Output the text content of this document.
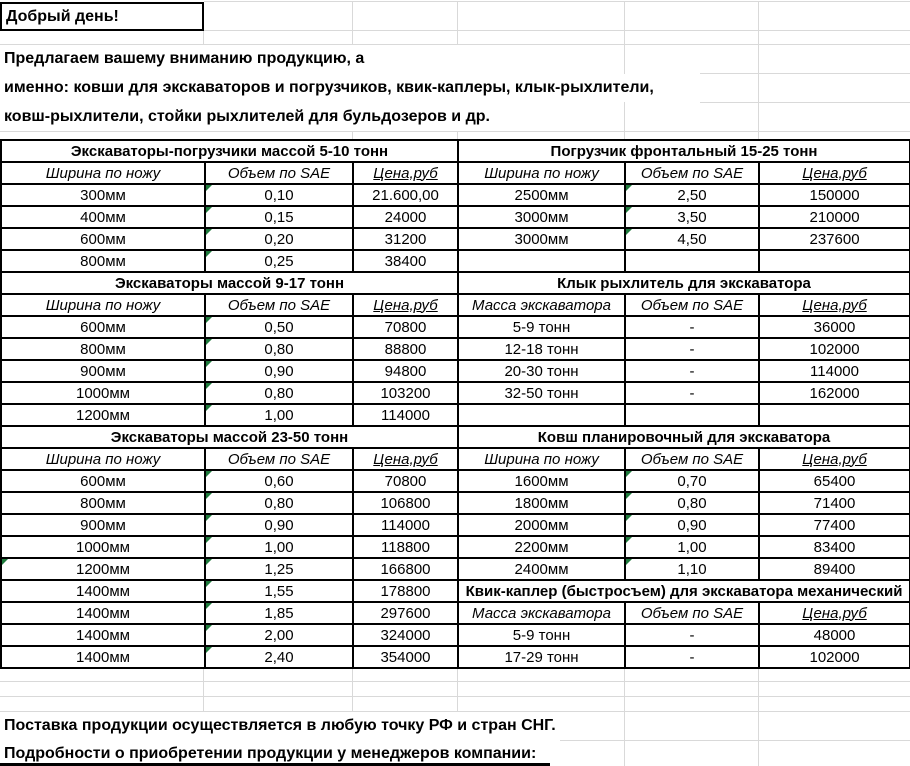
Добрый день!
Предлагаем вашему вниманию продукцию, а
именно: ковши для экскаваторов и погрузчиков, квик-каплеры, клык-рыхлители,
ковш-рыхлители, стойки рыхлителей для бульдозеров и др.
Экскаваторы-погрузчики массой 5-10 тонн			Погрузчик фронтальный 15-25 тонн		
Ширина по ножу	Объем по SAE	Цена,руб	Ширина по ножу	Объем по SAE	Цена,руб
300мм	0,10	21.600,00	2500мм	2,50	150000
400мм	0,15	24000	3000мм	3,50	210000
600мм	0,20	31200	3000мм	4,50	237600
800мм	0,25	38400			
Экскаваторы массой 9-17 тонн			Клык рыхлитель для экскаватора		
Ширина по ножу	Объем по SAE	Цена,руб	Масса экскаватора	Объем по SAE	Цена,руб
600мм	0,50	70800	5-9 тонн	-	36000
800мм	0,80	88800	12-18 тонн	-	102000
900мм	0,90	94800	20-30 тонн	-	114000
1000мм	0,80	103200	32-50 тонн	-	162000
1200мм	1,00	114000			
Экскаваторы массой 23-50 тонн			Ковш планировочный для экскаватора		
Ширина по ножу	Объем по SAE	Цена,руб	Ширина по ножу	Объем по SAE	Цена,руб
600мм	0,60	70800	1600мм	0,70	65400
800мм	0,80	106800	1800мм	0,80	71400
900мм	0,90	114000	2000мм	0,90	77400
1000мм	1,00	118800	2200мм	1,00	83400
1200мм	1,25	166800	2400мм	1,10	89400
1400мм	1,55	178800	Квик-каплер (быстросъем) для экскаватора механический		
1400мм	1,85	297600	Масса экскаватора	Объем по SAE	Цена,руб
1400мм	2,00	324000	5-9 тонн	-	48000
1400мм	2,40	354000	17-29 тонн	-	102000
Поставка продукции осуществляется в любую точку РФ и стран СНГ.
Подробности о приобретении продукции у менеджеров компании:
